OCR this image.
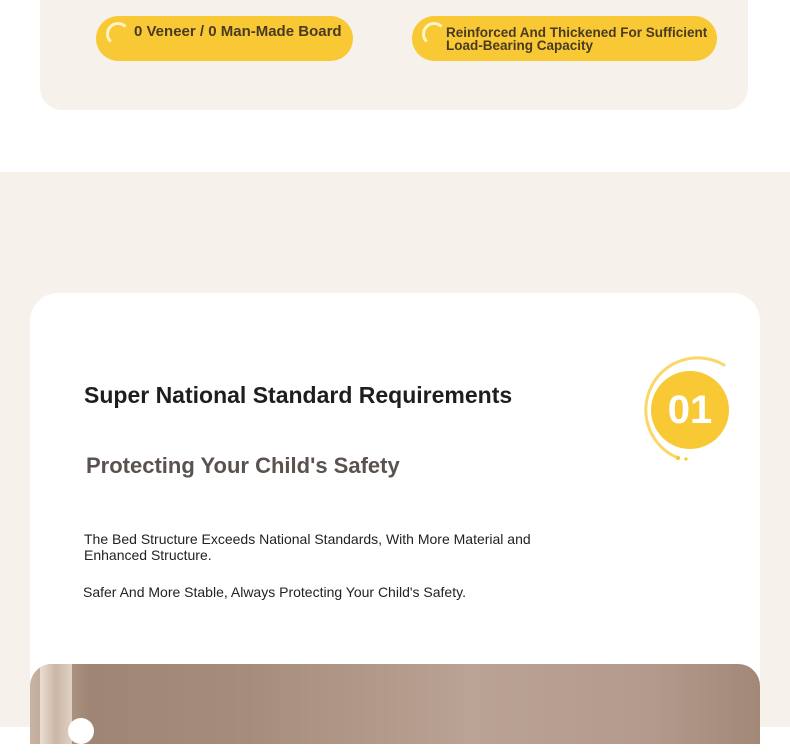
0 Veneer / 0 Man-Made Board	Reinforced And Thickened For Sufficient Load-Bearing Capacity
Super National Standard Requirements
Protecting Your Child's Safety

The Bed Structure Exceeds National Standards, With More Material and Enhanced Structure.

Safer And More Stable, Always Protecting Your Child's Safety.

01
